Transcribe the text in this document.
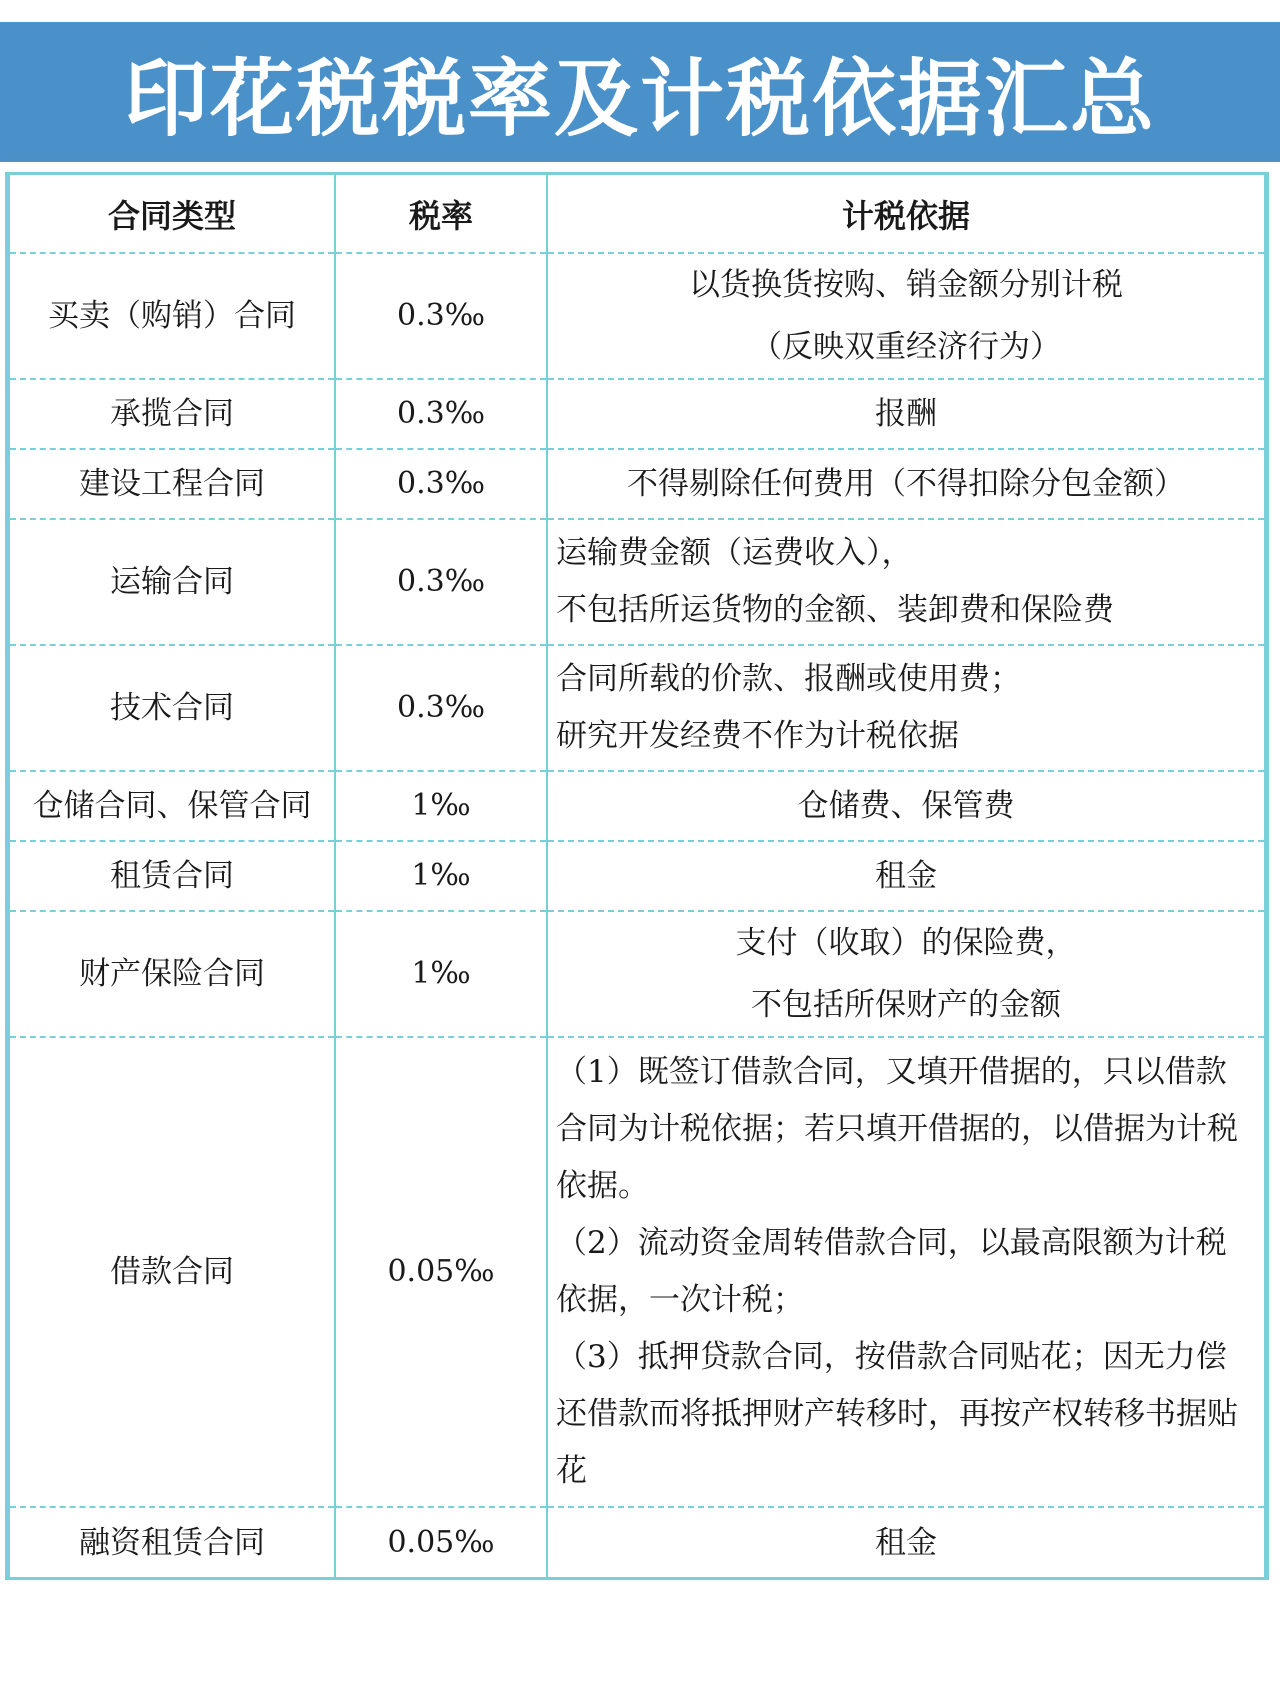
印花税税率及计税依据汇总
合同类型	税率	计税依据
买卖（购销）合同	0.3‰	以货换货按购、销金额分别计税
（反映双重经济行为）

承揽合同	0.3‰	报酬

建设工程合同	0.3‰	不得剔除任何费用（不得扣除分包金额）

运输合同	0.3‰	运输费金额（运费收入），
不包括所运货物的金额、装卸费和保险费

技术合同	0.3‰	合同所载的价款、报酬或使用费；
研究开发经费不作为计税依据

仓储合同、保管合同	1‰	仓储费、保管费

租赁合同	1‰	租金

财产保险合同	1‰	支付（收取）的保险费，
不包括所保财产的金额

借款合同	0.05‰	（1）既签订借款合同，又填开借据的，只以借款合同为计税依据；若只填开借据的，以借据为计税依据。
（2）流动资金周转借款合同，以最高限额为计税依据，一次计税；
（3）抵押贷款合同，按借款合同贴花；因无力偿还借款而将抵押财产转移时，再按产权转移书据贴花

融资租赁合同	0.05‰	租金
